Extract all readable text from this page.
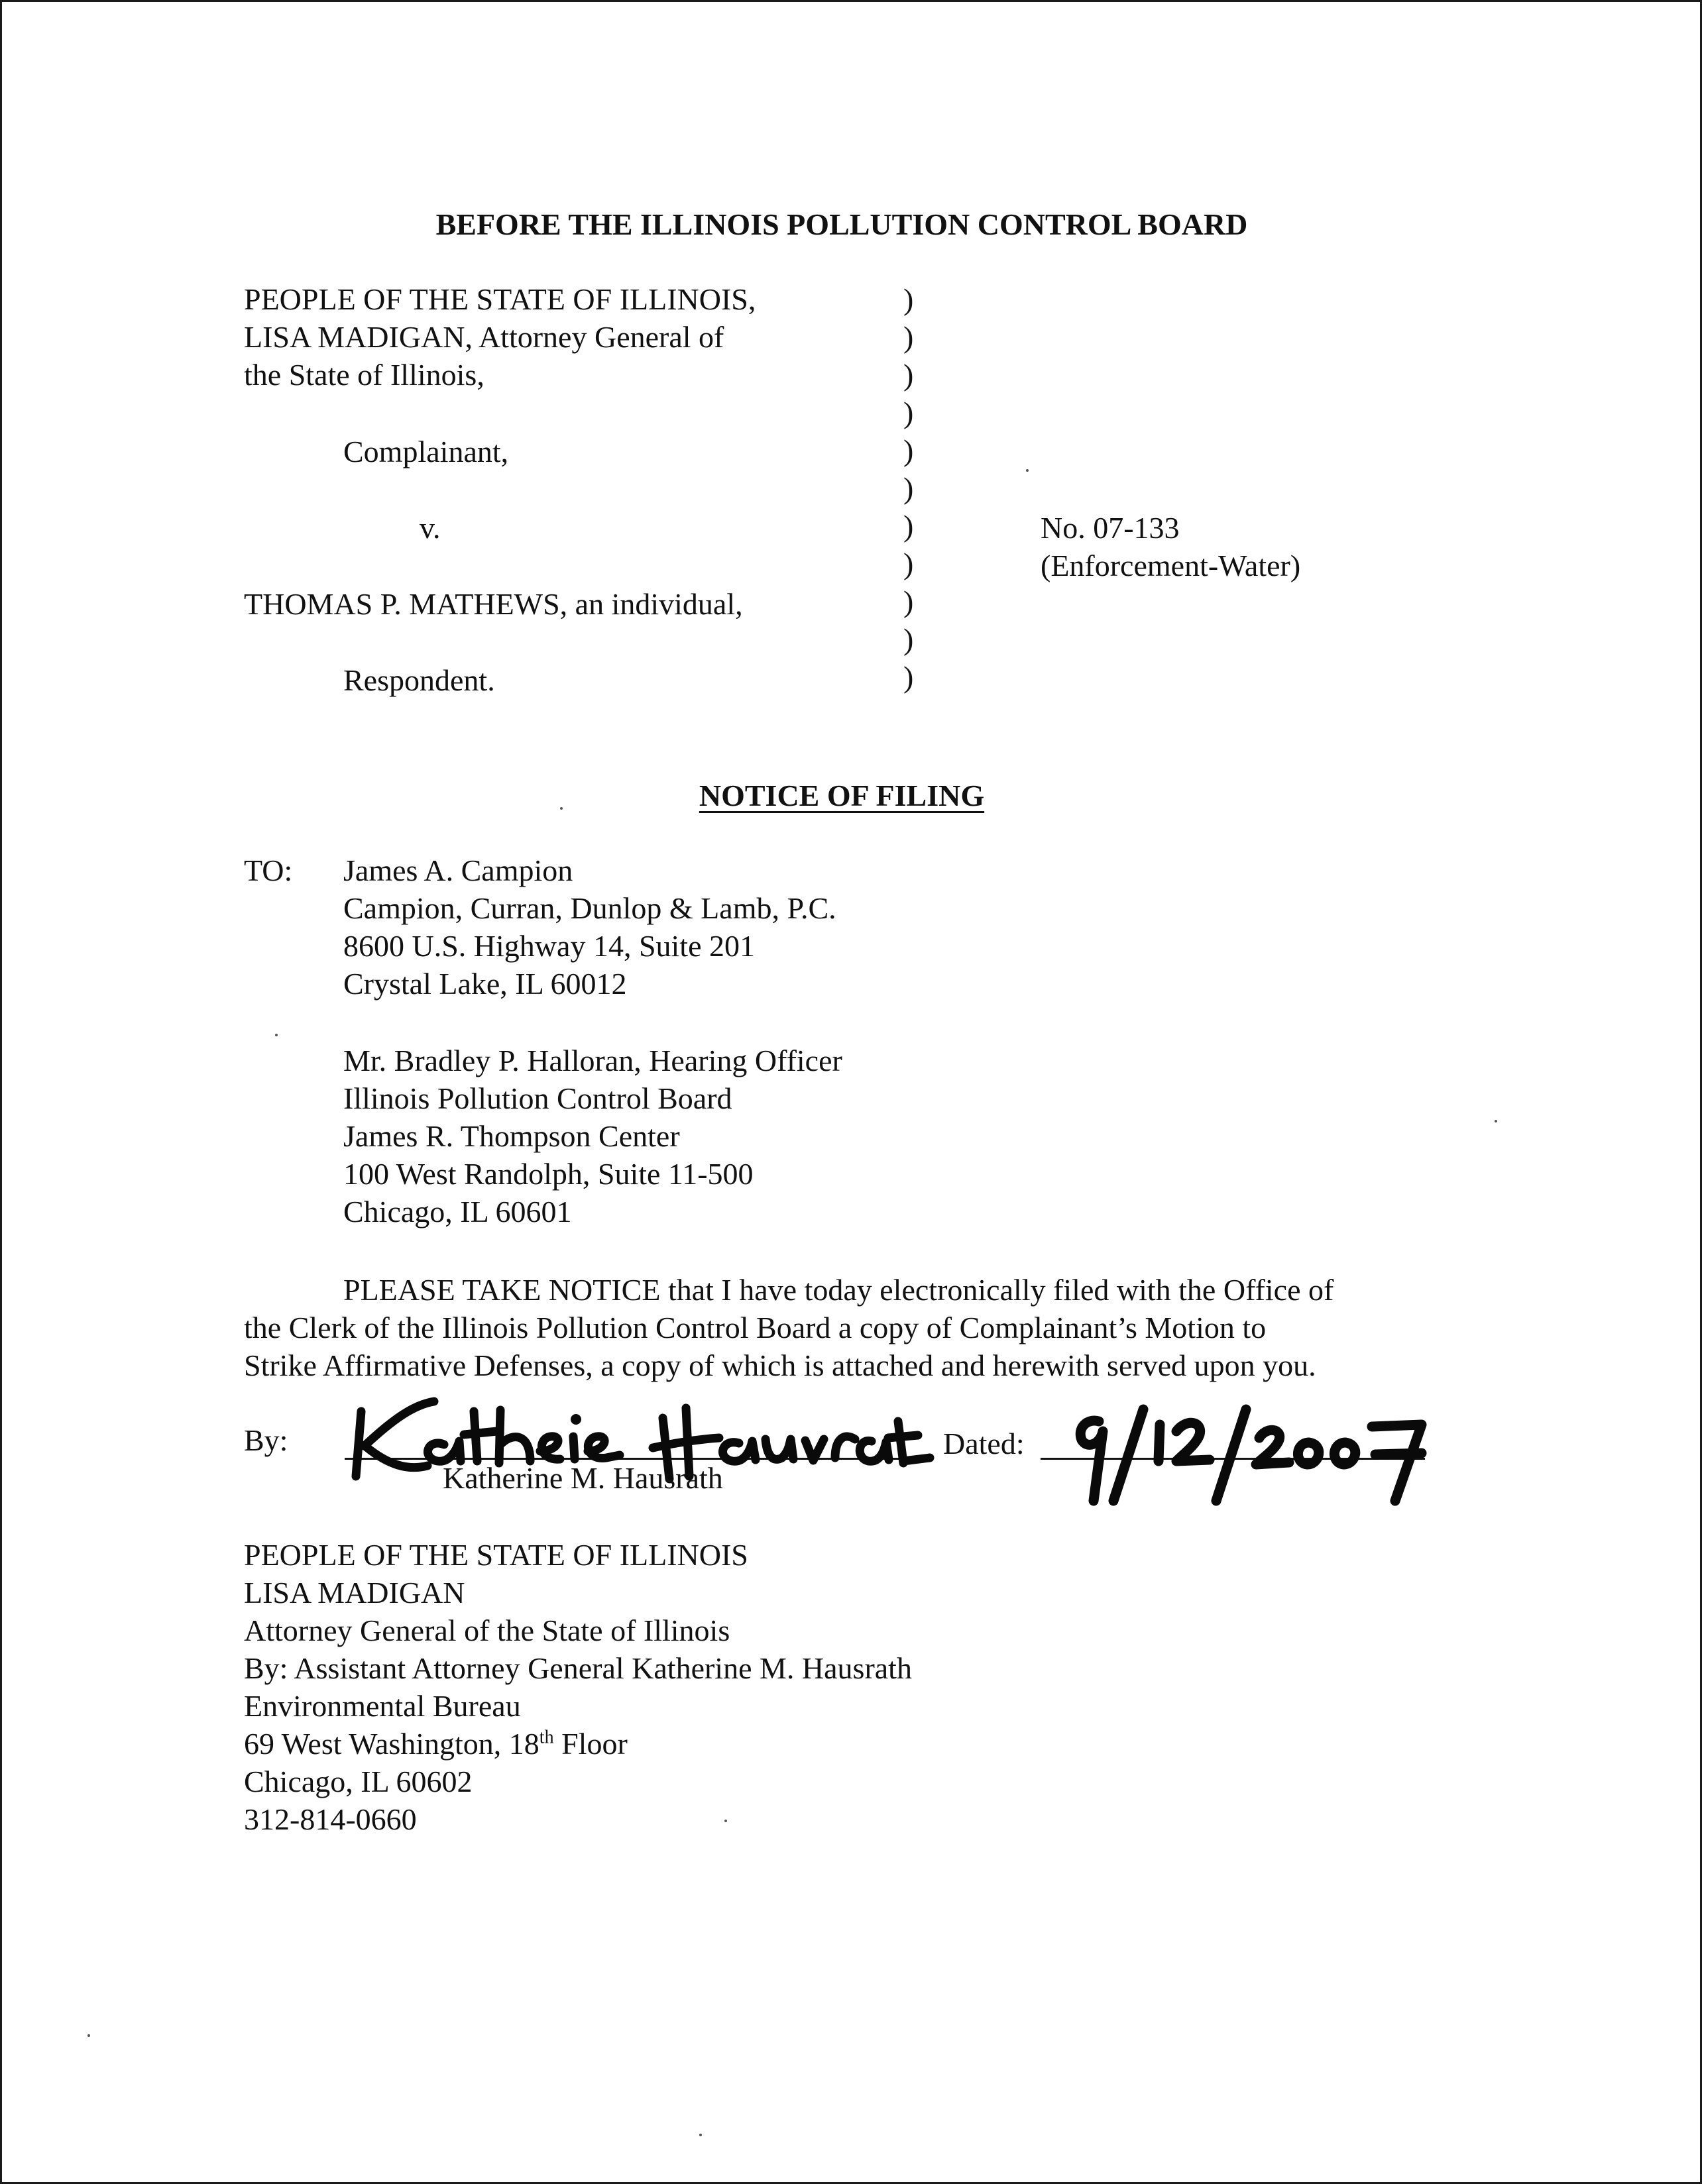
BEFORE THE ILLINOIS POLLUTION CONTROL BOARD
PEOPLE OF THE STATE OF ILLINOIS,
LISA MADIGAN, Attorney General of
the State of Illinois,
Complainant,
v.
THOMAS P. MATHEWS, an individual,
Respondent.
)
)
)
)
)
)
)
)
)
)
)
No. 07-133
(Enforcement-Water)
NOTICE OF FILING
TO: James A. Campion
Campion, Curran, Dunlop & Lamb, P.C.
8600 U.S. Highway 14, Suite 201
Crystal Lake, IL 60012
Mr. Bradley P. Halloran, Hearing Officer
Illinois Pollution Control Board
James R. Thompson Center
100 West Randolph, Suite 11-500
Chicago, IL 60601
PLEASE TAKE NOTICE that I have today electronically filed with the Office of
the Clerk of the Illinois Pollution Control Board a copy of Complainant’s Motion to
Strike Affirmative Defenses, a copy of which is attached and herewith served upon you.
By:
Katherine M. Hausrath
Dated:
PEOPLE OF THE STATE OF ILLINOIS
LISA MADIGAN
Attorney General of the State of Illinois
By: Assistant Attorney General Katherine M. Hausrath
Environmental Bureau
69 West Washington, 18th Floor
Chicago, IL 60602
312-814-0660
